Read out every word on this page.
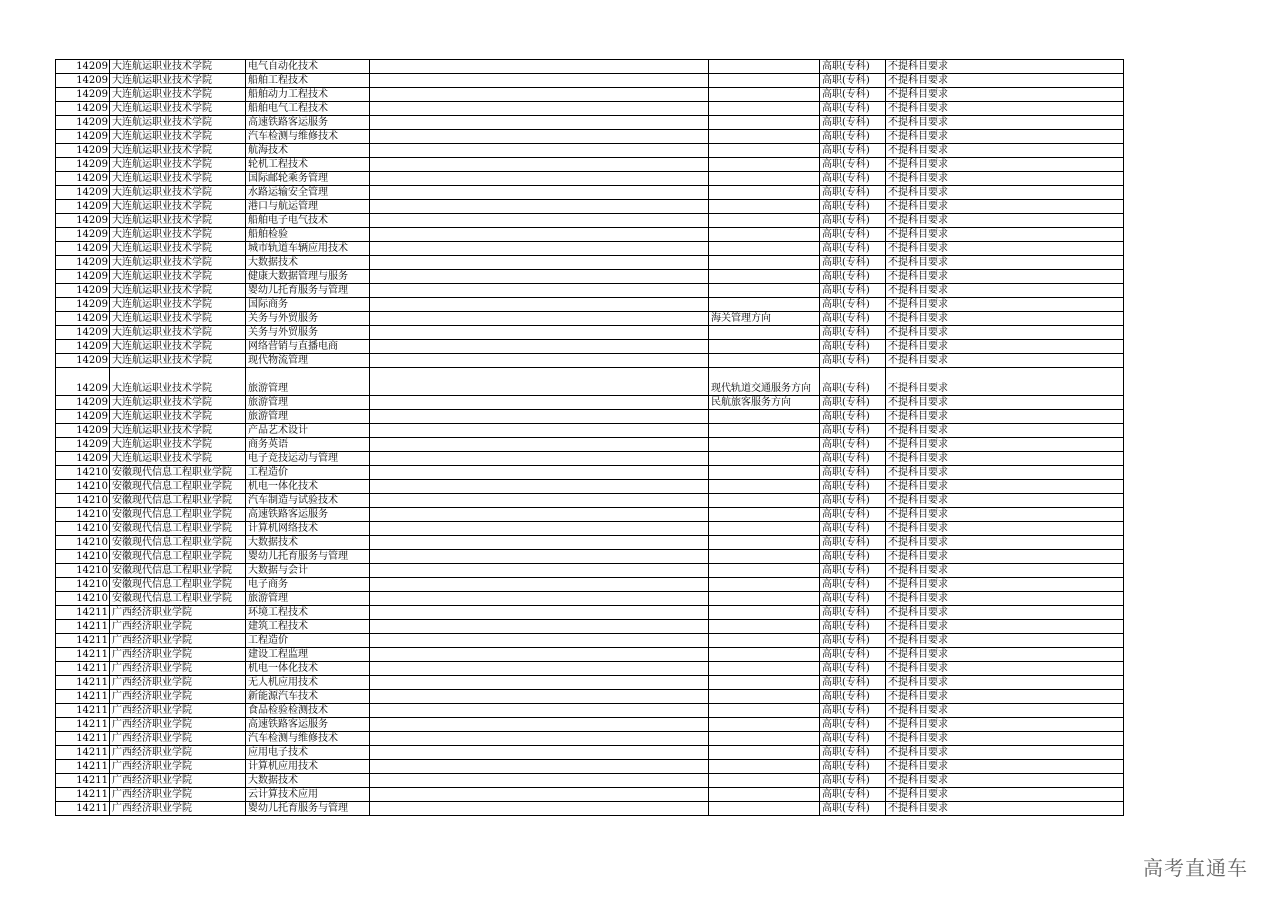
14209	大连航运职业技术学院	电气自动化技术			高职(专科)	不提科目要求
14209	大连航运职业技术学院	船舶工程技术			高职(专科)	不提科目要求
14209	大连航运职业技术学院	船舶动力工程技术			高职(专科)	不提科目要求
14209	大连航运职业技术学院	船舶电气工程技术			高职(专科)	不提科目要求
14209	大连航运职业技术学院	高速铁路客运服务			高职(专科)	不提科目要求
14209	大连航运职业技术学院	汽车检测与维修技术			高职(专科)	不提科目要求
14209	大连航运职业技术学院	航海技术			高职(专科)	不提科目要求
14209	大连航运职业技术学院	轮机工程技术			高职(专科)	不提科目要求
14209	大连航运职业技术学院	国际邮轮乘务管理			高职(专科)	不提科目要求
14209	大连航运职业技术学院	水路运输安全管理			高职(专科)	不提科目要求
14209	大连航运职业技术学院	港口与航运管理			高职(专科)	不提科目要求
14209	大连航运职业技术学院	船舶电子电气技术			高职(专科)	不提科目要求
14209	大连航运职业技术学院	船舶检验			高职(专科)	不提科目要求
14209	大连航运职业技术学院	城市轨道车辆应用技术			高职(专科)	不提科目要求
14209	大连航运职业技术学院	大数据技术			高职(专科)	不提科目要求
14209	大连航运职业技术学院	健康大数据管理与服务			高职(专科)	不提科目要求
14209	大连航运职业技术学院	婴幼儿托育服务与管理			高职(专科)	不提科目要求
14209	大连航运职业技术学院	国际商务			高职(专科)	不提科目要求
14209	大连航运职业技术学院	关务与外贸服务		海关管理方向	高职(专科)	不提科目要求
14209	大连航运职业技术学院	关务与外贸服务			高职(专科)	不提科目要求
14209	大连航运职业技术学院	网络营销与直播电商			高职(专科)	不提科目要求
14209	大连航运职业技术学院	现代物流管理			高职(专科)	不提科目要求
14209	大连航运职业技术学院	旅游管理		现代轨道交通服务方向	高职(专科)	不提科目要求
14209	大连航运职业技术学院	旅游管理		民航旅客服务方向	高职(专科)	不提科目要求
14209	大连航运职业技术学院	旅游管理			高职(专科)	不提科目要求
14209	大连航运职业技术学院	产品艺术设计			高职(专科)	不提科目要求
14209	大连航运职业技术学院	商务英语			高职(专科)	不提科目要求
14209	大连航运职业技术学院	电子竞技运动与管理			高职(专科)	不提科目要求
14210	安徽现代信息工程职业学院	工程造价			高职(专科)	不提科目要求
14210	安徽现代信息工程职业学院	机电一体化技术			高职(专科)	不提科目要求
14210	安徽现代信息工程职业学院	汽车制造与试验技术			高职(专科)	不提科目要求
14210	安徽现代信息工程职业学院	高速铁路客运服务			高职(专科)	不提科目要求
14210	安徽现代信息工程职业学院	计算机网络技术			高职(专科)	不提科目要求
14210	安徽现代信息工程职业学院	大数据技术			高职(专科)	不提科目要求
14210	安徽现代信息工程职业学院	婴幼儿托育服务与管理			高职(专科)	不提科目要求
14210	安徽现代信息工程职业学院	大数据与会计			高职(专科)	不提科目要求
14210	安徽现代信息工程职业学院	电子商务			高职(专科)	不提科目要求
14210	安徽现代信息工程职业学院	旅游管理			高职(专科)	不提科目要求
14211	广西经济职业学院	环境工程技术			高职(专科)	不提科目要求
14211	广西经济职业学院	建筑工程技术			高职(专科)	不提科目要求
14211	广西经济职业学院	工程造价			高职(专科)	不提科目要求
14211	广西经济职业学院	建设工程监理			高职(专科)	不提科目要求
14211	广西经济职业学院	机电一体化技术			高职(专科)	不提科目要求
14211	广西经济职业学院	无人机应用技术			高职(专科)	不提科目要求
14211	广西经济职业学院	新能源汽车技术			高职(专科)	不提科目要求
14211	广西经济职业学院	食品检验检测技术			高职(专科)	不提科目要求
14211	广西经济职业学院	高速铁路客运服务			高职(专科)	不提科目要求
14211	广西经济职业学院	汽车检测与维修技术			高职(专科)	不提科目要求
14211	广西经济职业学院	应用电子技术			高职(专科)	不提科目要求
14211	广西经济职业学院	计算机应用技术			高职(专科)	不提科目要求
14211	广西经济职业学院	大数据技术			高职(专科)	不提科目要求
14211	广西经济职业学院	云计算技术应用			高职(专科)	不提科目要求
14211	广西经济职业学院	婴幼儿托育服务与管理			高职(专科)	不提科目要求
高考直通车
